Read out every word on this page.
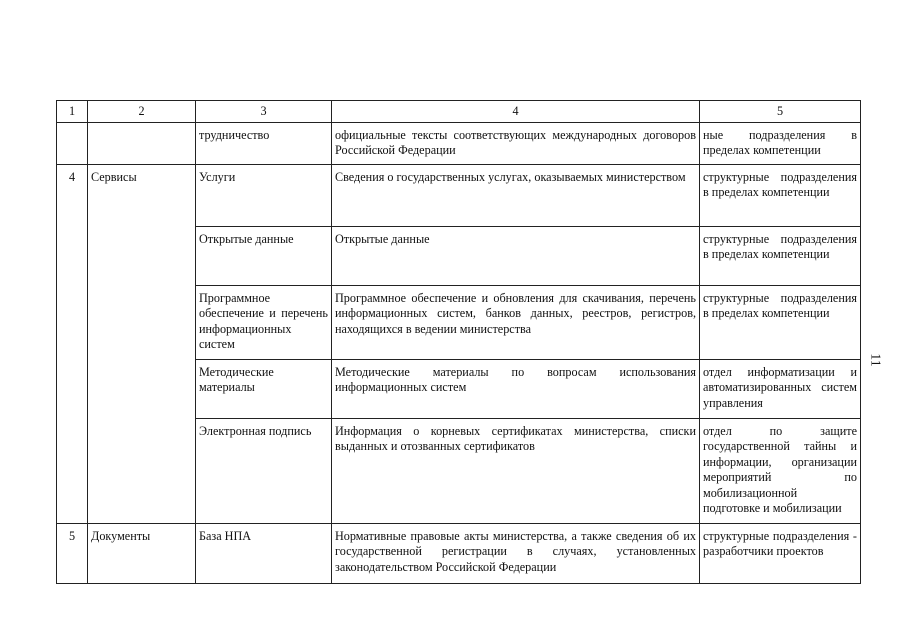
1	2	3	4	5
		трудничество	официальные тексты соответствующих международных договоров Российской Федерации	ные подразделения в пределах компетенции
4	Сервисы	Услуги	Сведения о государственных услугах, оказываемых министерством	структурные подразделения в пределах компетенции
		Открытые данные	Открытые данные	структурные подразделения в пределах компетенции
		Программное обеспечение и перечень информационных систем	Программное обеспечение и обновления для скачивания, перечень информационных систем, банков данных, реестров, регистров, находящихся в ведении министерства	структурные подразделения в пределах компетенции
		Методические материалы	Методические материалы по вопросам использования информационных систем	отдел информатизации и автоматизированных систем управления
		Электронная подпись	Информация о корневых сертификатах министерства, списки выданных и отозванных сертификатов	отдел по защите государственной тайны и информации, организации мероприятий по мобилизационной подготовке и мобилизации
5	Документы	База НПА	Нормативные правовые акты министерства, а также сведения об их государственной регистрации в случаях, установленных законодательством Российской Федерации	структурные подразделения - разработчики проектов
11
